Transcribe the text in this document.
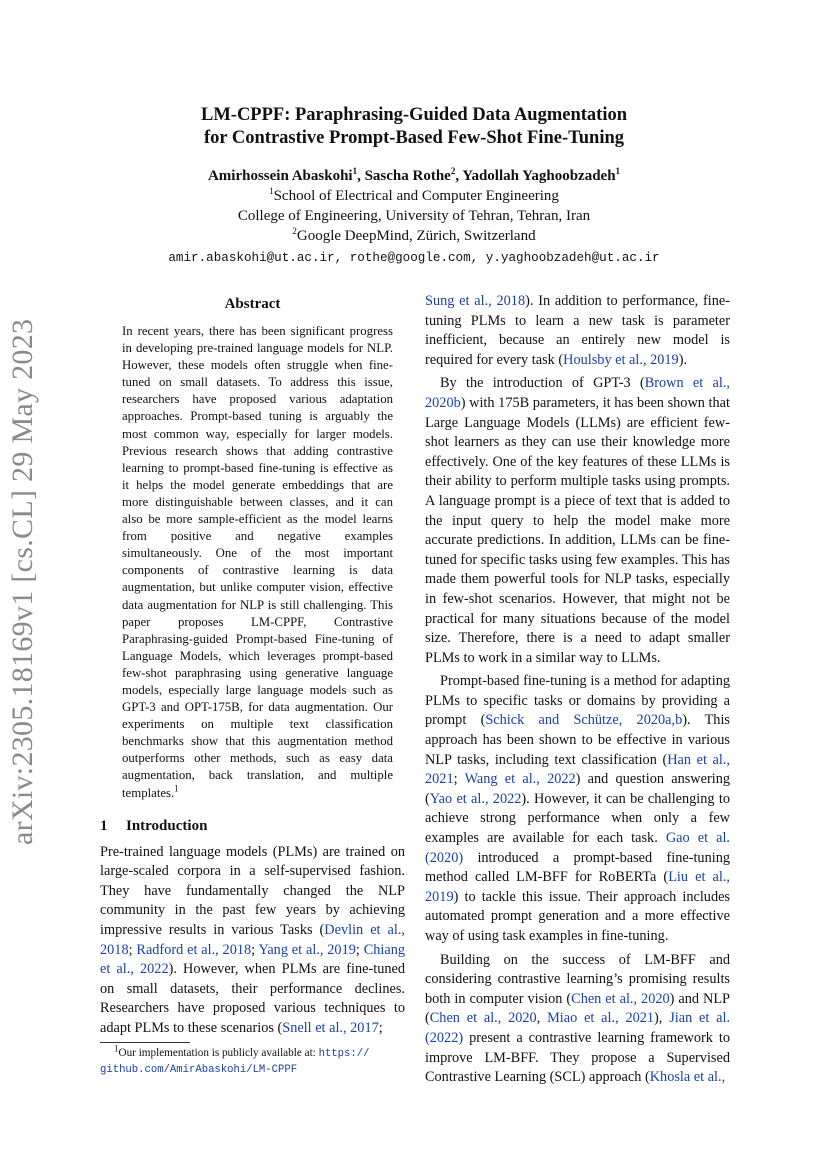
arXiv:2305.18169v1 [cs.CL] 29 May 2023
LM-CPPF: Paraphrasing-Guided Data Augmentation
for Contrastive Prompt-Based Few-Shot Fine-Tuning
Amirhossein Abaskohi$^1$, Sascha Rothe$^2$, Yadollah Yaghoobzadeh$^1$
$^1$School of Electrical and Computer Engineering
College of Engineering, University of Tehran, Tehran, Iran
$^2$Google DeepMind, Zürich, Switzerland
amir.abaskohi@ut.ac.ir, rothe@google.com, y.yaghoobzadeh@ut.ac.ir
Abstract
In recent years, there has been significant progress in developing pre-trained language models for NLP. However, these models often struggle when fine-tuned on small datasets. To address this issue, researchers have proposed various adaptation approaches. Prompt-based tuning is arguably the most common way, especially for larger models. Previous research shows that adding contrastive learning to prompt-based fine-tuning is effective as it helps the model generate embeddings that are more distinguishable between classes, and it can also be more sample-efficient as the model learns from positive and negative examples simultaneously. One of the most important components of contrastive learning is data augmentation, but unlike computer vision, effective data augmentation for NLP is still challenging. This paper proposes LM-CPPF, Contrastive Paraphrasing-guided Prompt-based Fine-tuning of Language Models, which leverages prompt-based few-shot paraphrasing using generative language models, especially large language models such as GPT-3 and OPT-175B, for data augmentation. Our experiments on multiple text classification benchmarks show that this augmentation method outperforms other methods, such as easy data augmentation, back translation, and multiple templates.$^1$
1 Introduction

Pre-trained language models (PLMs) are trained on large-scaled corpora in a self-supervised fashion. They have fundamentally changed the NLP community in the past few years by achieving impressive results in various Tasks (Devlin et al., 2018; Radford et al., 2018; Yang et al., 2019; Chiang et al., 2022). However, when PLMs are fine-tuned on small datasets, their performance declines. Researchers have proposed various techniques to adapt PLMs to these scenarios (Snell et al., 2017;

$^1$Our implementation is publicly available at: https://
github.com/AmirAbaskohi/LM-CPPF

Sung et al., 2018). In addition to performance, fine-tuning PLMs to learn a new task is parameter inefficient, because an entirely new model is required for every task (Houlsby et al., 2019).

By the introduction of GPT-3 (Brown et al., 2020b) with 175B parameters, it has been shown that Large Language Models (LLMs) are efficient few-shot learners as they can use their knowledge more effectively. One of the key features of these LLMs is their ability to perform multiple tasks using prompts. A language prompt is a piece of text that is added to the input query to help the model make more accurate predictions. In addition, LLMs can be fine-tuned for specific tasks using few examples. This has made them powerful tools for NLP tasks, especially in few-shot scenarios. However, that might not be practical for many situations because of the model size. Therefore, there is a need to adapt smaller PLMs to work in a similar way to LLMs.

Prompt-based fine-tuning is a method for adapting PLMs to specific tasks or domains by providing a prompt (Schick and Schütze, 2020a,b). This approach has been shown to be effective in various NLP tasks, including text classification (Han et al., 2021; Wang et al., 2022) and question answering (Yao et al., 2022). However, it can be challenging to achieve strong performance when only a few examples are available for each task. Gao et al. (2020) introduced a prompt-based fine-tuning method called LM-BFF for RoBERTa (Liu et al., 2019) to tackle this issue. Their approach includes automated prompt generation and a more effective way of using task examples in fine-tuning.

Building on the success of LM-BFF and considering contrastive learning’s promising results both in computer vision (Chen et al., 2020) and NLP (Chen et al., 2020, Miao et al., 2021), Jian et al. (2022) present a contrastive learning framework to improve LM-BFF. They propose a Supervised Contrastive Learning (SCL) approach (Khosla et al.,
